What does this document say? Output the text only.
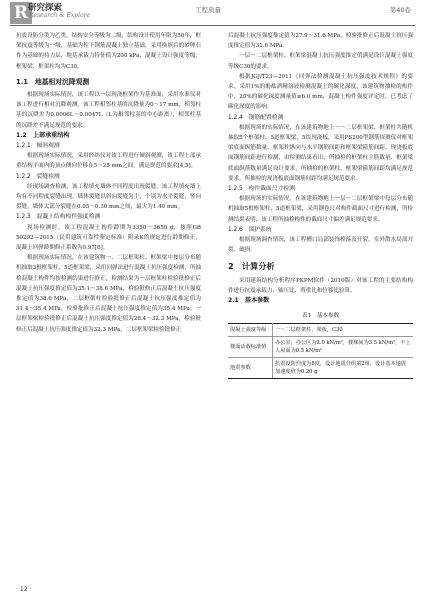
R 研究探索
Research & Explore
工程质量	第40卷

抗震设防分类为乙类，结构安全等级为二级，结构设计使用年限为50年，框架抗震等级为一级，基础为柱下钢筋混凝土独立基础，采用换填后的砂卵石作为基础的持力层，地基承载力特征值为200 kPa，混凝土设计强度等级：框架梁、框架柱均为C30。

1.1　地基相对沉降观测

根据现场实际情况，该工程以一层现浇框架作为基准面，采用水准仪对该工程进行相对沉降观测，该工程相邻柱基的沉降量为0～17 mm，相邻柱基的沉降差为0.0006L～0.0047L（L为相邻柱基的中心距离），相邻柱基的沉降差不满足规范的要求。

1.2　上部承重结构

1.2.1　倾斜观测

根据现场实际情况，采用经纬仪对该工程进行倾斜观测，该工程上部承重结构平面内的顶点侧向位移在5～25 mm之间，满足规范的要求[4,5]。

1.2.2　裂缝检测

经现场调查检测，该工程填充墙体不同程度出现裂缝，该工程填充墙上均有不同程度裂缝出现，墙体裂缝以斜向裂缝为主，个别为水平裂缝，竖向裂缝。墙体大部分裂缝在0.05～0.30 mm之间，最大为1.40 mm。

1.2.3　混凝土结构构件强度检测

现场检测时，该工程混凝土构件龄期为3350～3650 d，按照GB 50292—2015（民用建筑可靠性鉴定标准）附录K的规定进行龄期修正，混凝土回弹龄期修正系数为0.97[6]。

根据现场实际情况，在该建筑物一、二层框架柱、框架梁中按层分布随机抽取3根框架柱、5道框架梁，采用回弹法进行混凝土抗压强度检测，所抽检混凝土构件均按检测结果进行修正，检测结果为一层框架柱检验批修正后混凝土抗压强度推定值为35.1～38.6 MPa，检验批修正后混凝土抗压强度推定值为38.6 MPa，二层框架柱检验批修正后混凝土抗压强度推定值为31.4～35.4 MPa，检验批修正后混凝土抗压强度推定值为35.4 MPa；一层框架梁检验批修正后混凝土抗压强度推定值为28.4～32.3 MPa，检验批修正后混凝土抗压强度推定值为32.3 MPa，二层框架梁检验批修正

后混凝土抗压强度推定值为27.9～31.6 MPa，检验批修正后混凝土抗压强度推定值为31.6 MPa。

一层～二层框架柱、框架梁混凝土抗压强度推定值满足设计混凝土强度等级C30的要求。

根据JGJ/T23—2011《回弹法检测混凝土抗压强度技术规程》的要求，采用1%的酚酞酒精溶液检测混凝土的碳化深度，该建筑物抽检的构件中，20%的碳化深度测量值≥6.0 mm，混凝土构件强度评定时，已考虑了碳化深度的影响。

1.2.4　钢筋配置检测

根据现场的实际情况，在该建筑物地上一～二层框架梁、框架柱共随机抽取5个框架柱、5道框架梁，5块现浇板，采用PS200型钢筋探测仪对框架梁底面纵筋数量、框架柱纵向与水平钢筋间距和框架梁箍筋间距、现浇板底面钢筋间距进行检测，由检测结果看出，所抽检的框架柱主筋数量、框架梁底面纵筋数量满足设计要求，所抽检的框架柱、框架梁箍筋间距均满足规范要求，所抽检的现浇板底面钢筋间距均满足规范要求。

1.2.5　构件截面尺寸检测

根据现场的实际情况，在该建筑物地上一层～二层框架梁中每层分布随机抽取5根框架柱、5道框架梁，采用钢卷尺对构件截面尺寸进行检测，所检测结果表明，该工程所抽检构件的截面尺寸偏差满足规范要求。

1.2.6　围护系统

根据现场调查情况，该工程槽口局部装饰掉落及开裂，室外散水局部开裂、破损。

2　计算分析

采用建筑结构分析程序PKPM软件（2010版）对该工程的主要结构构件进行抗震承载力、轴压比、剪重比和位移比验算。

2.1　基本参数

表1　基本参数

混凝土强度等级	一～二层框架柱，梁板，C30
楼面活载标准值	办公室，办公区为2.0 kN/m²，楼梯间为3.5 kN/m²，不上人屋面为0.5 kN/m²
地震参数	抗震设防烈度为8度，设计地震分组第2组，设计基本地震加速度值为0.20 g
· 12 ·
